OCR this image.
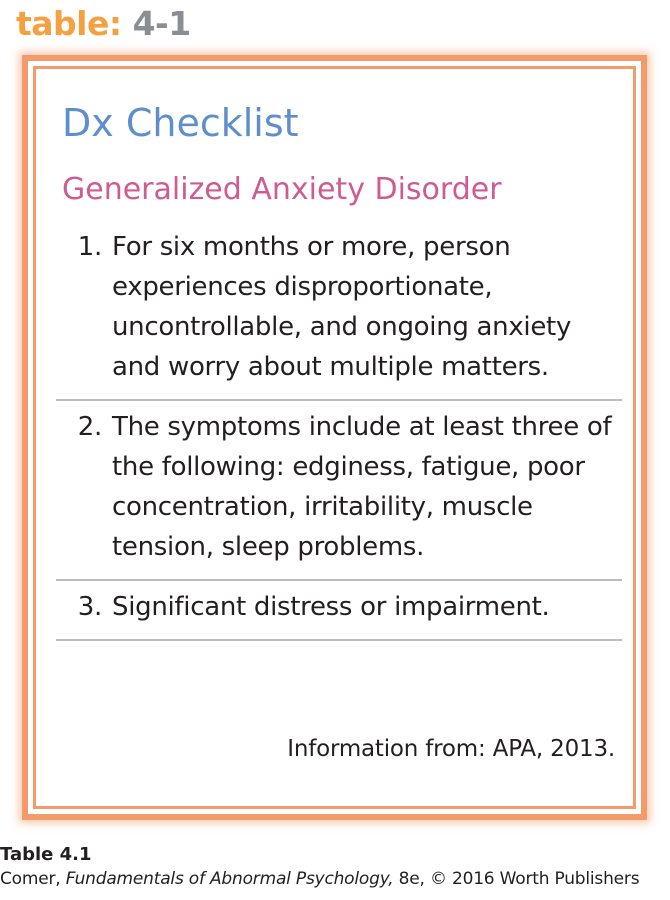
table: 4-1
Dx Checklist
Generalized Anxiety Disorder
1. For six months or more, person experiences disproportionate, uncontrollable, and ongoing anxiety and worry about multiple matters.
2. The symptoms include at least three of the following: edginess, fatigue, poor concentration, irritability, muscle tension, sleep problems.
3. Significant distress or impairment.
Information from: APA, 2013.
Table 4.1
Comer, Fundamentals of Abnormal Psychology, 8e, © 2016 Worth Publishers
